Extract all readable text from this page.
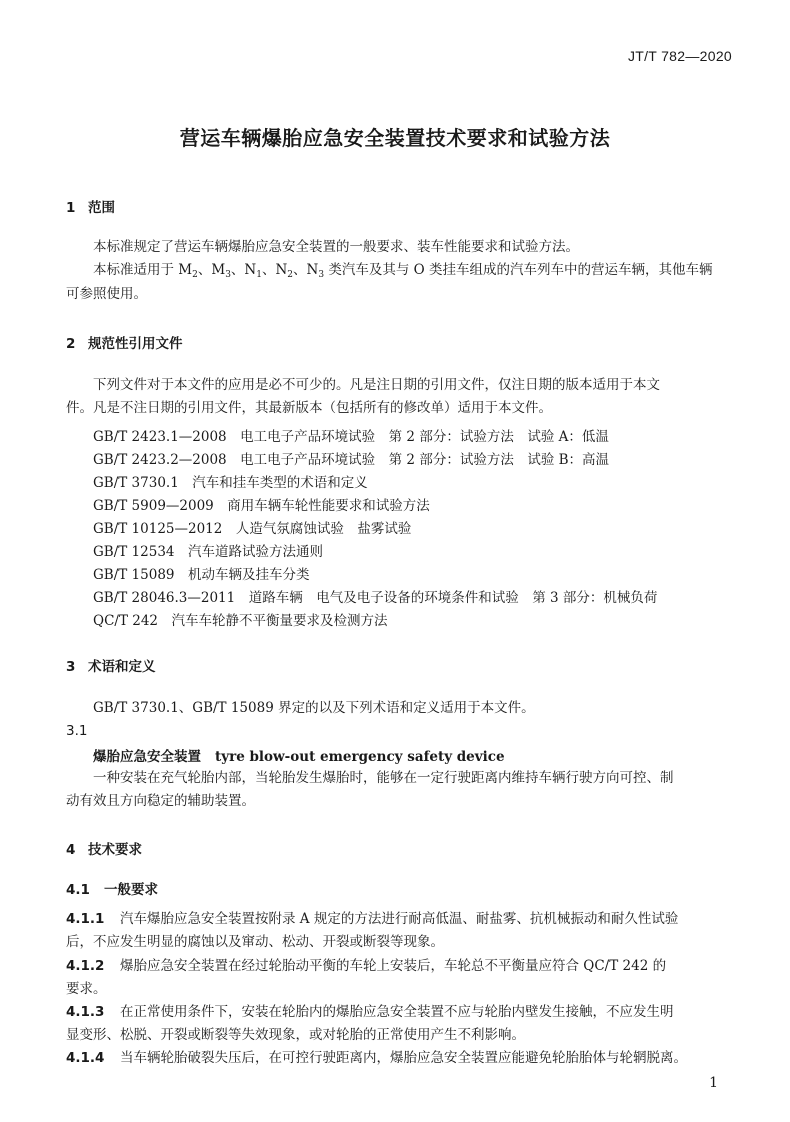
JT/T 782—2020
营运车辆爆胎应急安全装置技术要求和试验方法
1 范围
本标准规定了营运车辆爆胎应急安全装置的一般要求、装车性能要求和试验方法。
本标准适用于 $M_2$、$M_3$、$N_1$、$N_2$、$N_3$ 类汽车及其与 O 类挂车组成的汽车列车中的营运车辆，其他车辆
可参照使用。
2 规范性引用文件
下列文件对于本文件的应用是必不可少的。凡是注日期的引用文件，仅注日期的版本适用于本文
件。凡是不注日期的引用文件，其最新版本（包括所有的修改单）适用于本文件。
GB/T 2423.1—2008　电工电子产品环境试验　第 2 部分：试验方法　试验 A：低温
GB/T 2423.2—2008　电工电子产品环境试验　第 2 部分：试验方法　试验 B：高温
GB/T 3730.1　汽车和挂车类型的术语和定义
GB/T 5909—2009　商用车辆车轮性能要求和试验方法
GB/T 10125—2012　人造气氛腐蚀试验　盐雾试验
GB/T 12534　汽车道路试验方法通则
GB/T 15089　机动车辆及挂车分类
GB/T 28046.3—2011　道路车辆　电气及电子设备的环境条件和试验　第 3 部分：机械负荷
QC/T 242　汽车车轮静不平衡量要求及检测方法
3 术语和定义
GB/T 3730.1、GB/T 15089 界定的以及下列术语和定义适用于本文件。
3.1
爆胎应急安全装置 tyre blow-out emergency safety device
一种安装在充气轮胎内部，当轮胎发生爆胎时，能够在一定行驶距离内维持车辆行驶方向可控、制
动有效且方向稳定的辅助装置。
4 技术要求
4.1 一般要求
4.1.1 汽车爆胎应急安全装置按附录 A 规定的方法进行耐高低温、耐盐雾、抗机械振动和耐久性试验
后，不应发生明显的腐蚀以及窜动、松动、开裂或断裂等现象。
4.1.2 爆胎应急安全装置在经过轮胎动平衡的车轮上安装后，车轮总不平衡量应符合 QC/T 242 的
要求。
4.1.3 在正常使用条件下，安装在轮胎内的爆胎应急安全装置不应与轮胎内壁发生接触，不应发生明
显变形、松脱、开裂或断裂等失效现象，或对轮胎的正常使用产生不利影响。
4.1.4 当车辆轮胎破裂失压后，在可控行驶距离内，爆胎应急安全装置应能避免轮胎胎体与轮辋脱离。
1
